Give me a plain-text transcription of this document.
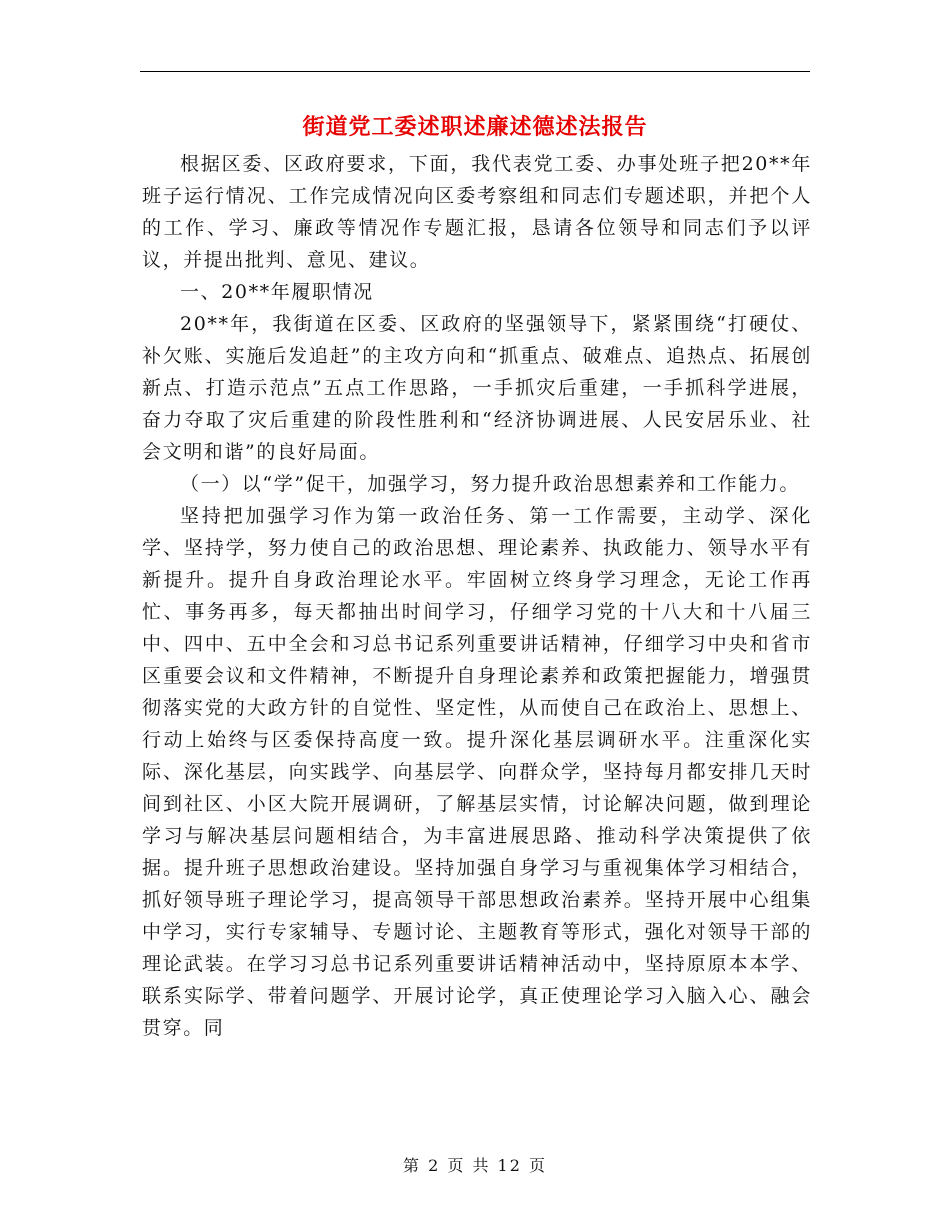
街道党工委述职述廉述德述法报告

根据区委、区政府要求，下面，我代表党工委、办事处班子把20**年班子运行情况、工作完成情况向区委考察组和同志们专题述职，并把个人的工作、学习、廉政等情况作专题汇报，恳请各位领导和同志们予以评议，并提出批判、意见、建议。

一、20**年履职情况

20**年，我街道在区委、区政府的坚强领导下，紧紧围绕“打硬仗、补欠账、实施后发追赶”的主攻方向和“抓重点、破难点、追热点、拓展创新点、打造示范点”五点工作思路，一手抓灾后重建，一手抓科学进展，奋力夺取了灾后重建的阶段性胜利和“经济协调进展、人民安居乐业、社会文明和谐”的良好局面。

（一）以“学”促干，加强学习，努力提升政治思想素养和工作能力。

坚持把加强学习作为第一政治任务、第一工作需要，主动学、深化学、坚持学，努力使自己的政治思想、理论素养、执政能力、领导水平有新提升。提升自身政治理论水平。牢固树立终身学习理念，无论工作再忙、事务再多，每天都抽出时间学习，仔细学习党的十八大和十八届三中、四中、五中全会和习总书记系列重要讲话精神，仔细学习中央和省市区重要会议和文件精神，不断提升自身理论素养和政策把握能力，增强贯彻落实党的大政方针的自觉性、坚定性，从而使自己在政治上、思想上、行动上始终与区委保持高度一致。提升深化基层调研水平。注重深化实际、深化基层，向实践学、向基层学、向群众学，坚持每月都安排几天时间到社区、小区大院开展调研，了解基层实情，讨论解决问题，做到理论学习与解决基层问题相结合，为丰富进展思路、推动科学决策提供了依据。提升班子思想政治建设。坚持加强自身学习与重视集体学习相结合，抓好领导班子理论学习，提高领导干部思想政治素养。坚持开展中心组集中学习，实行专家辅导、专题讨论、主题教育等形式，强化对领导干部的理论武装。在学习习总书记系列重要讲话精神活动中，坚持原原本本学、联系实际学、带着问题学、开展讨论学，真正使理论学习入脑入心、融会贯穿。同

第 2 页 共 12 页
